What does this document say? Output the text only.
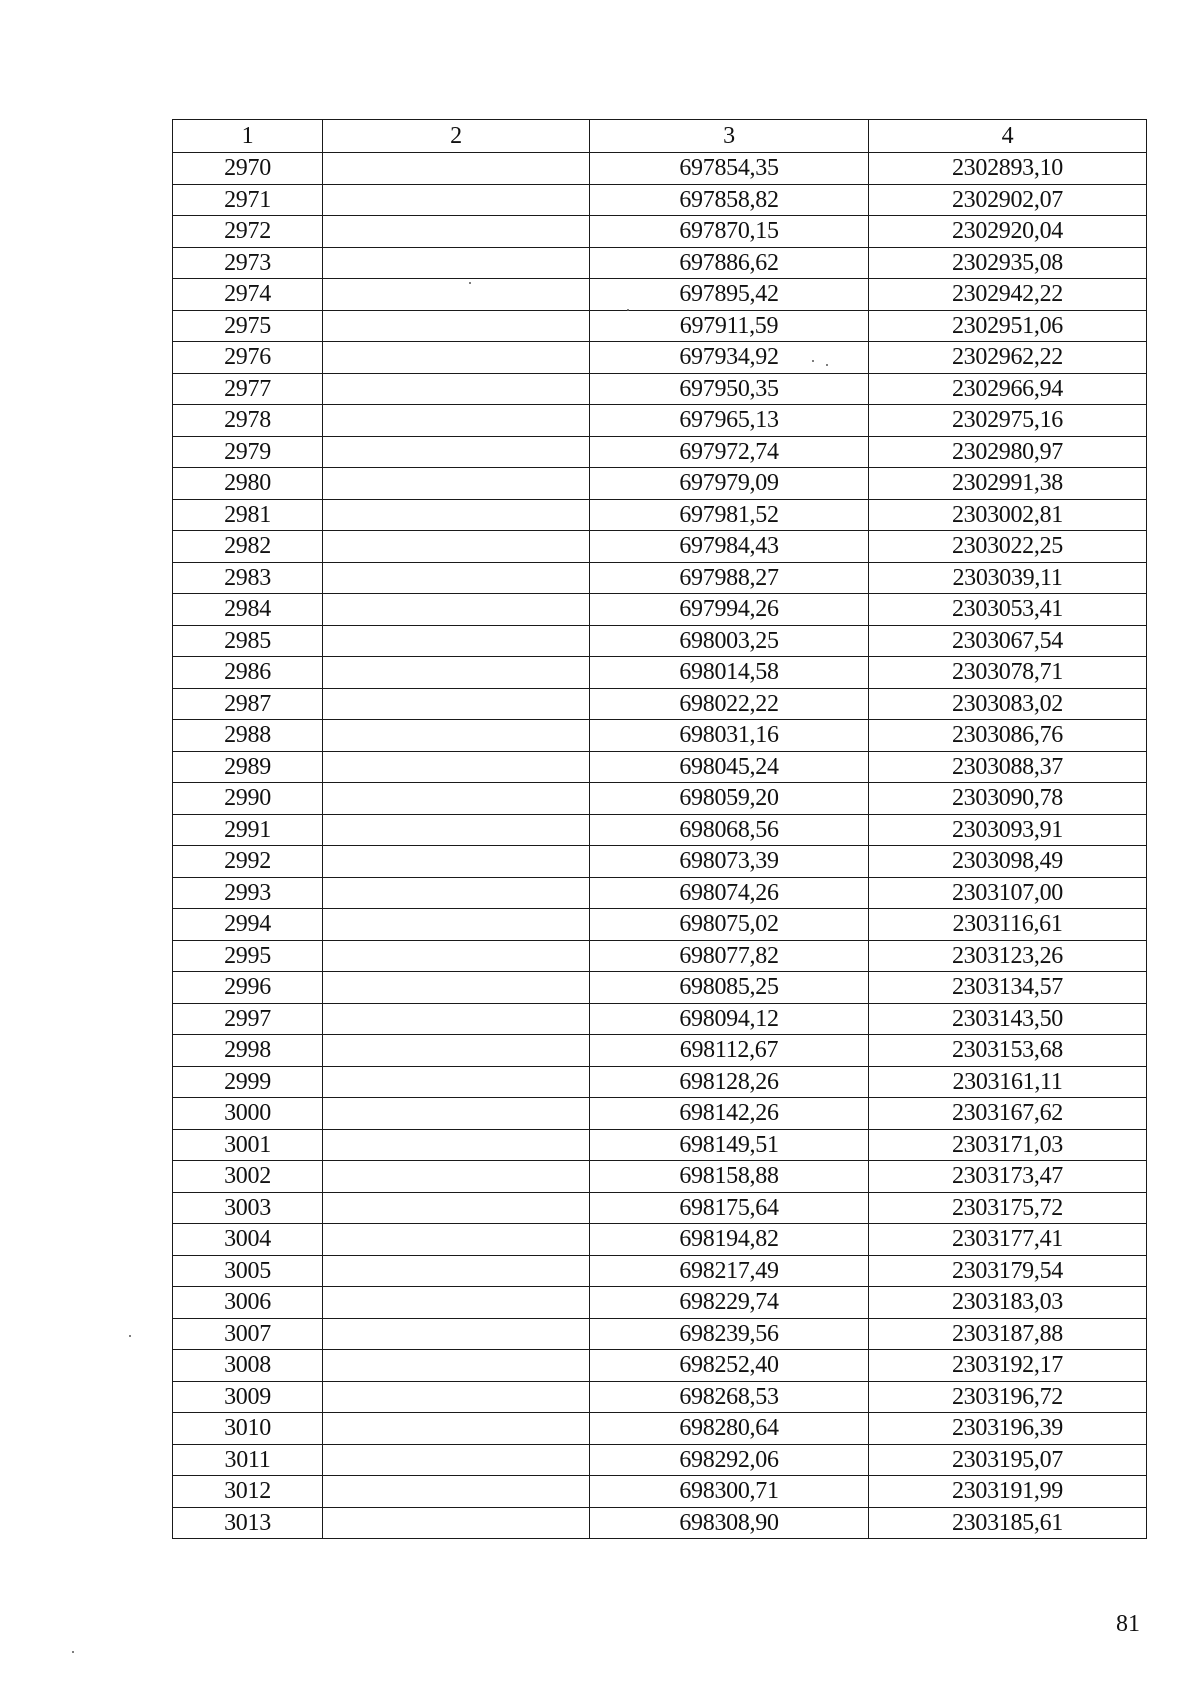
1	2	3	4
2970		697854,35	2302893,10
2971		697858,82	2302902,07
2972		697870,15	2302920,04
2973		697886,62	2302935,08
2974		697895,42	2302942,22
2975		697911,59	2302951,06
2976		697934,92	2302962,22
2977		697950,35	2302966,94
2978		697965,13	2302975,16
2979		697972,74	2302980,97
2980		697979,09	2302991,38
2981		697981,52	2303002,81
2982		697984,43	2303022,25
2983		697988,27	2303039,11
2984		697994,26	2303053,41
2985		698003,25	2303067,54
2986		698014,58	2303078,71
2987		698022,22	2303083,02
2988		698031,16	2303086,76
2989		698045,24	2303088,37
2990		698059,20	2303090,78
2991		698068,56	2303093,91
2992		698073,39	2303098,49
2993		698074,26	2303107,00
2994		698075,02	2303116,61
2995		698077,82	2303123,26
2996		698085,25	2303134,57
2997		698094,12	2303143,50
2998		698112,67	2303153,68
2999		698128,26	2303161,11
3000		698142,26	2303167,62
3001		698149,51	2303171,03
3002		698158,88	2303173,47
3003		698175,64	2303175,72
3004		698194,82	2303177,41
3005		698217,49	2303179,54
3006		698229,74	2303183,03
3007		698239,56	2303187,88
3008		698252,40	2303192,17
3009		698268,53	2303196,72
3010		698280,64	2303196,39
3011		698292,06	2303195,07
3012		698300,71	2303191,99
3013		698308,90	2303185,61
81
